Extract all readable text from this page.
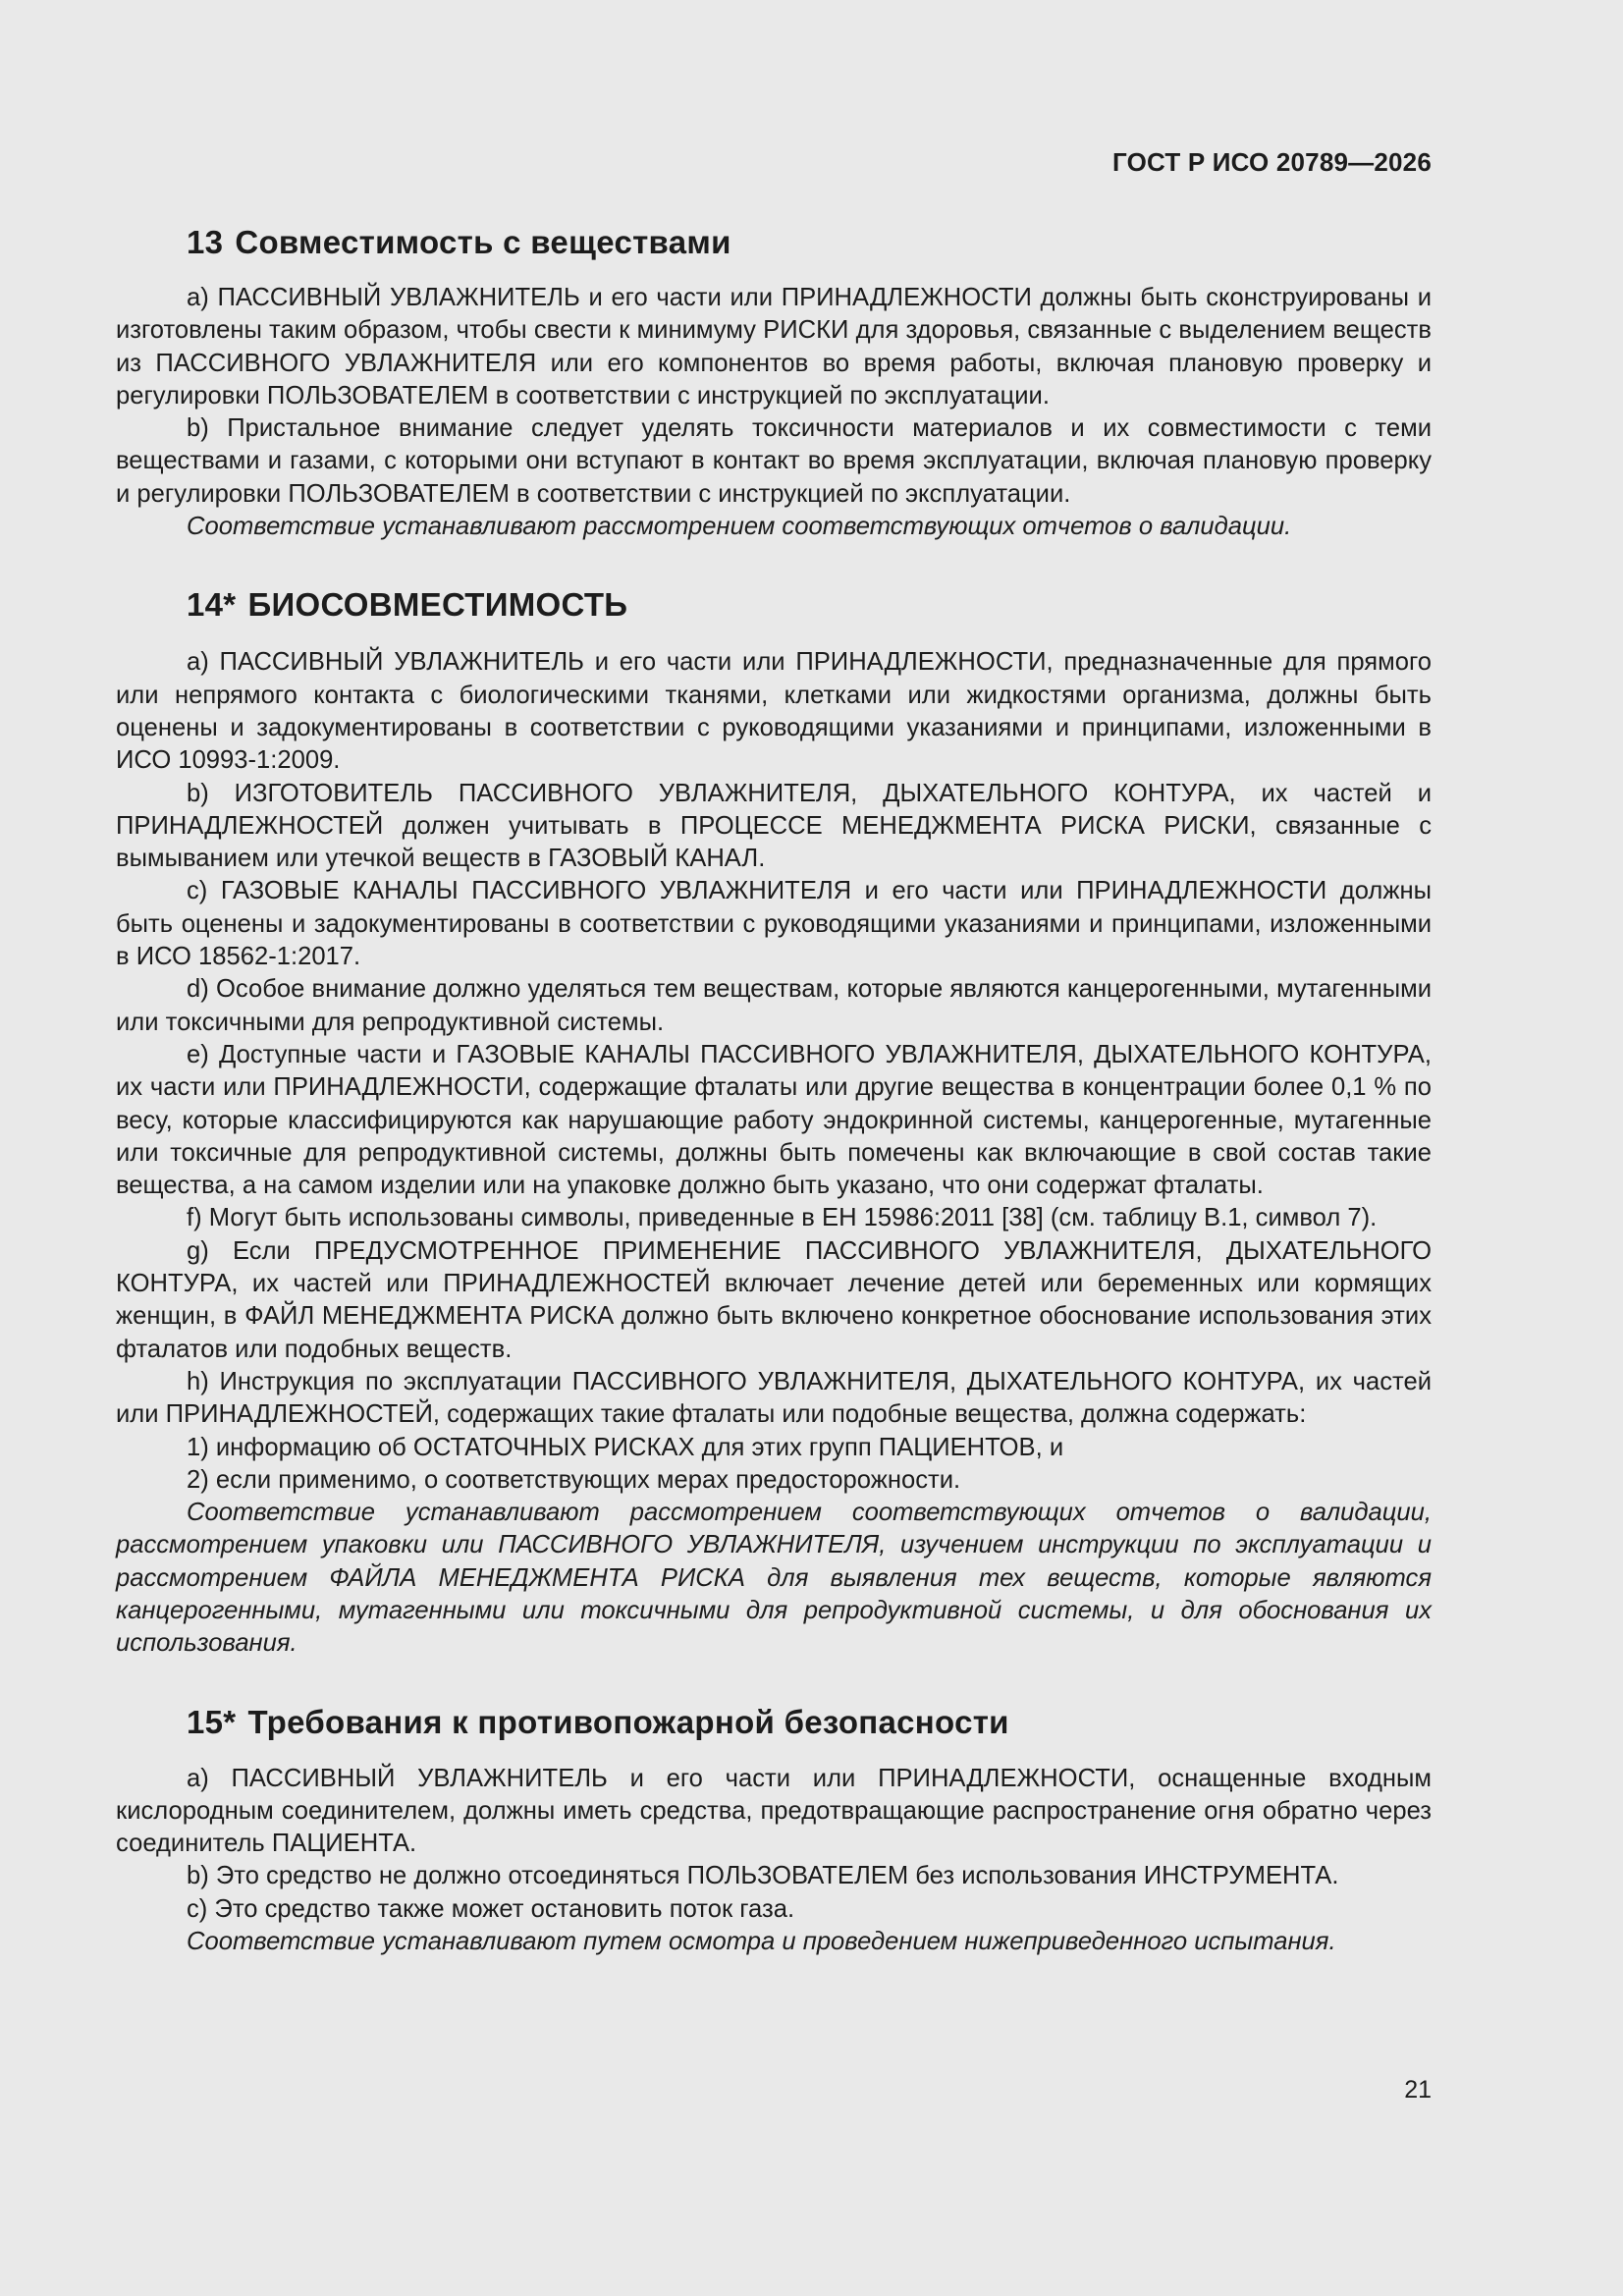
ГОСТ Р ИСО 20789—2026
13 Совместимость с веществами

а) ПАССИВНЫЙ УВЛАЖНИТЕЛЬ и его части или ПРИНАДЛЕЖНОСТИ должны быть сконструированы и изготовлены таким образом, чтобы свести к минимуму РИСКИ для здоровья, связанные с выделением веществ из ПАССИВНОГО УВЛАЖНИТЕЛЯ или его компонентов во время работы, включая плановую проверку и регулировки ПОЛЬЗОВАТЕЛЕМ в соответствии с инструкцией по эксплуатации.

b) Пристальное внимание следует уделять токсичности материалов и их совместимости с теми веществами и газами, с которыми они вступают в контакт во время эксплуатации, включая плановую проверку и регулировки ПОЛЬЗОВАТЕЛЕМ в соответствии с инструкцией по эксплуатации.

Соответствие устанавливают рассмотрением соответствующих отчетов о валидации.

14* БИОСОВМЕСТИМОСТЬ

а) ПАССИВНЫЙ УВЛАЖНИТЕЛЬ и его части или ПРИНАДЛЕЖНОСТИ, предназначенные для прямого или непрямого контакта с биологическими тканями, клетками или жидкостями организма, должны быть оценены и задокументированы в соответствии с руководящими указаниями и принципами, изложенными в ИСО 10993-1:2009.

b) ИЗГОТОВИТЕЛЬ ПАССИВНОГО УВЛАЖНИТЕЛЯ, ДЫХАТЕЛЬНОГО КОНТУРА, их частей и ПРИНАДЛЕЖНОСТЕЙ должен учитывать в ПРОЦЕССЕ МЕНЕДЖМЕНТА РИСКА РИСКИ, связанные с вымыванием или утечкой веществ в ГАЗОВЫЙ КАНАЛ.

с) ГАЗОВЫЕ КАНАЛЫ ПАССИВНОГО УВЛАЖНИТЕЛЯ и его части или ПРИНАДЛЕЖНОСТИ должны быть оценены и задокументированы в соответствии с руководящими указаниями и принципами, изложенными в ИСО 18562-1:2017.

d) Особое внимание должно уделяться тем веществам, которые являются канцерогенными, мутагенными или токсичными для репродуктивной системы.

е) Доступные части и ГАЗОВЫЕ КАНАЛЫ ПАССИВНОГО УВЛАЖНИТЕЛЯ, ДЫХАТЕЛЬНОГО КОНТУРА, их части или ПРИНАДЛЕЖНОСТИ, содержащие фталаты или другие вещества в концентрации более 0,1 % по весу, которые классифицируются как нарушающие работу эндокринной системы, канцерогенные, мутагенные или токсичные для репродуктивной системы, должны быть помечены как включающие в свой состав такие вещества, а на самом изделии или на упаковке должно быть указано, что они содержат фталаты.

f) Могут быть использованы символы, приведенные в ЕН 15986:2011 [38] (см. таблицу В.1, символ 7).

g) Если ПРЕДУСМОТРЕННОЕ ПРИМЕНЕНИЕ ПАССИВНОГО УВЛАЖНИТЕЛЯ, ДЫХАТЕЛЬНОГО КОНТУРА, их частей или ПРИНАДЛЕЖНОСТЕЙ включает лечение детей или беременных или кормящих женщин, в ФАЙЛ МЕНЕДЖМЕНТА РИСКА должно быть включено конкретное обоснование использования этих фталатов или подобных веществ.

h) Инструкция по эксплуатации ПАССИВНОГО УВЛАЖНИТЕЛЯ, ДЫХАТЕЛЬНОГО КОНТУРА, их частей или ПРИНАДЛЕЖНОСТЕЙ, содержащих такие фталаты или подобные вещества, должна содержать:

1) информацию об ОСТАТОЧНЫХ РИСКАХ для этих групп ПАЦИЕНТОВ, и

2) если применимо, о соответствующих мерах предосторожности.

Соответствие устанавливают рассмотрением соответствующих отчетов о валидации, рассмотрением упаковки или ПАССИВНОГО УВЛАЖНИТЕЛЯ, изучением инструкции по эксплуатации и рассмотрением ФАЙЛА МЕНЕДЖМЕНТА РИСКА для выявления тех веществ, которые являются канцерогенными, мутагенными или токсичными для репродуктивной системы, и для обоснования их использования.

15* Требования к противопожарной безопасности

а) ПАССИВНЫЙ УВЛАЖНИТЕЛЬ и его части или ПРИНАДЛЕЖНОСТИ, оснащенные входным кислородным соединителем, должны иметь средства, предотвращающие распространение огня обратно через соединитель ПАЦИЕНТА.

b) Это средство не должно отсоединяться ПОЛЬЗОВАТЕЛЕМ без использования ИНСТРУМЕНТА.

с) Это средство также может остановить поток газа.

Соответствие устанавливают путем осмотра и проведением нижеприведенного испытания.

21
